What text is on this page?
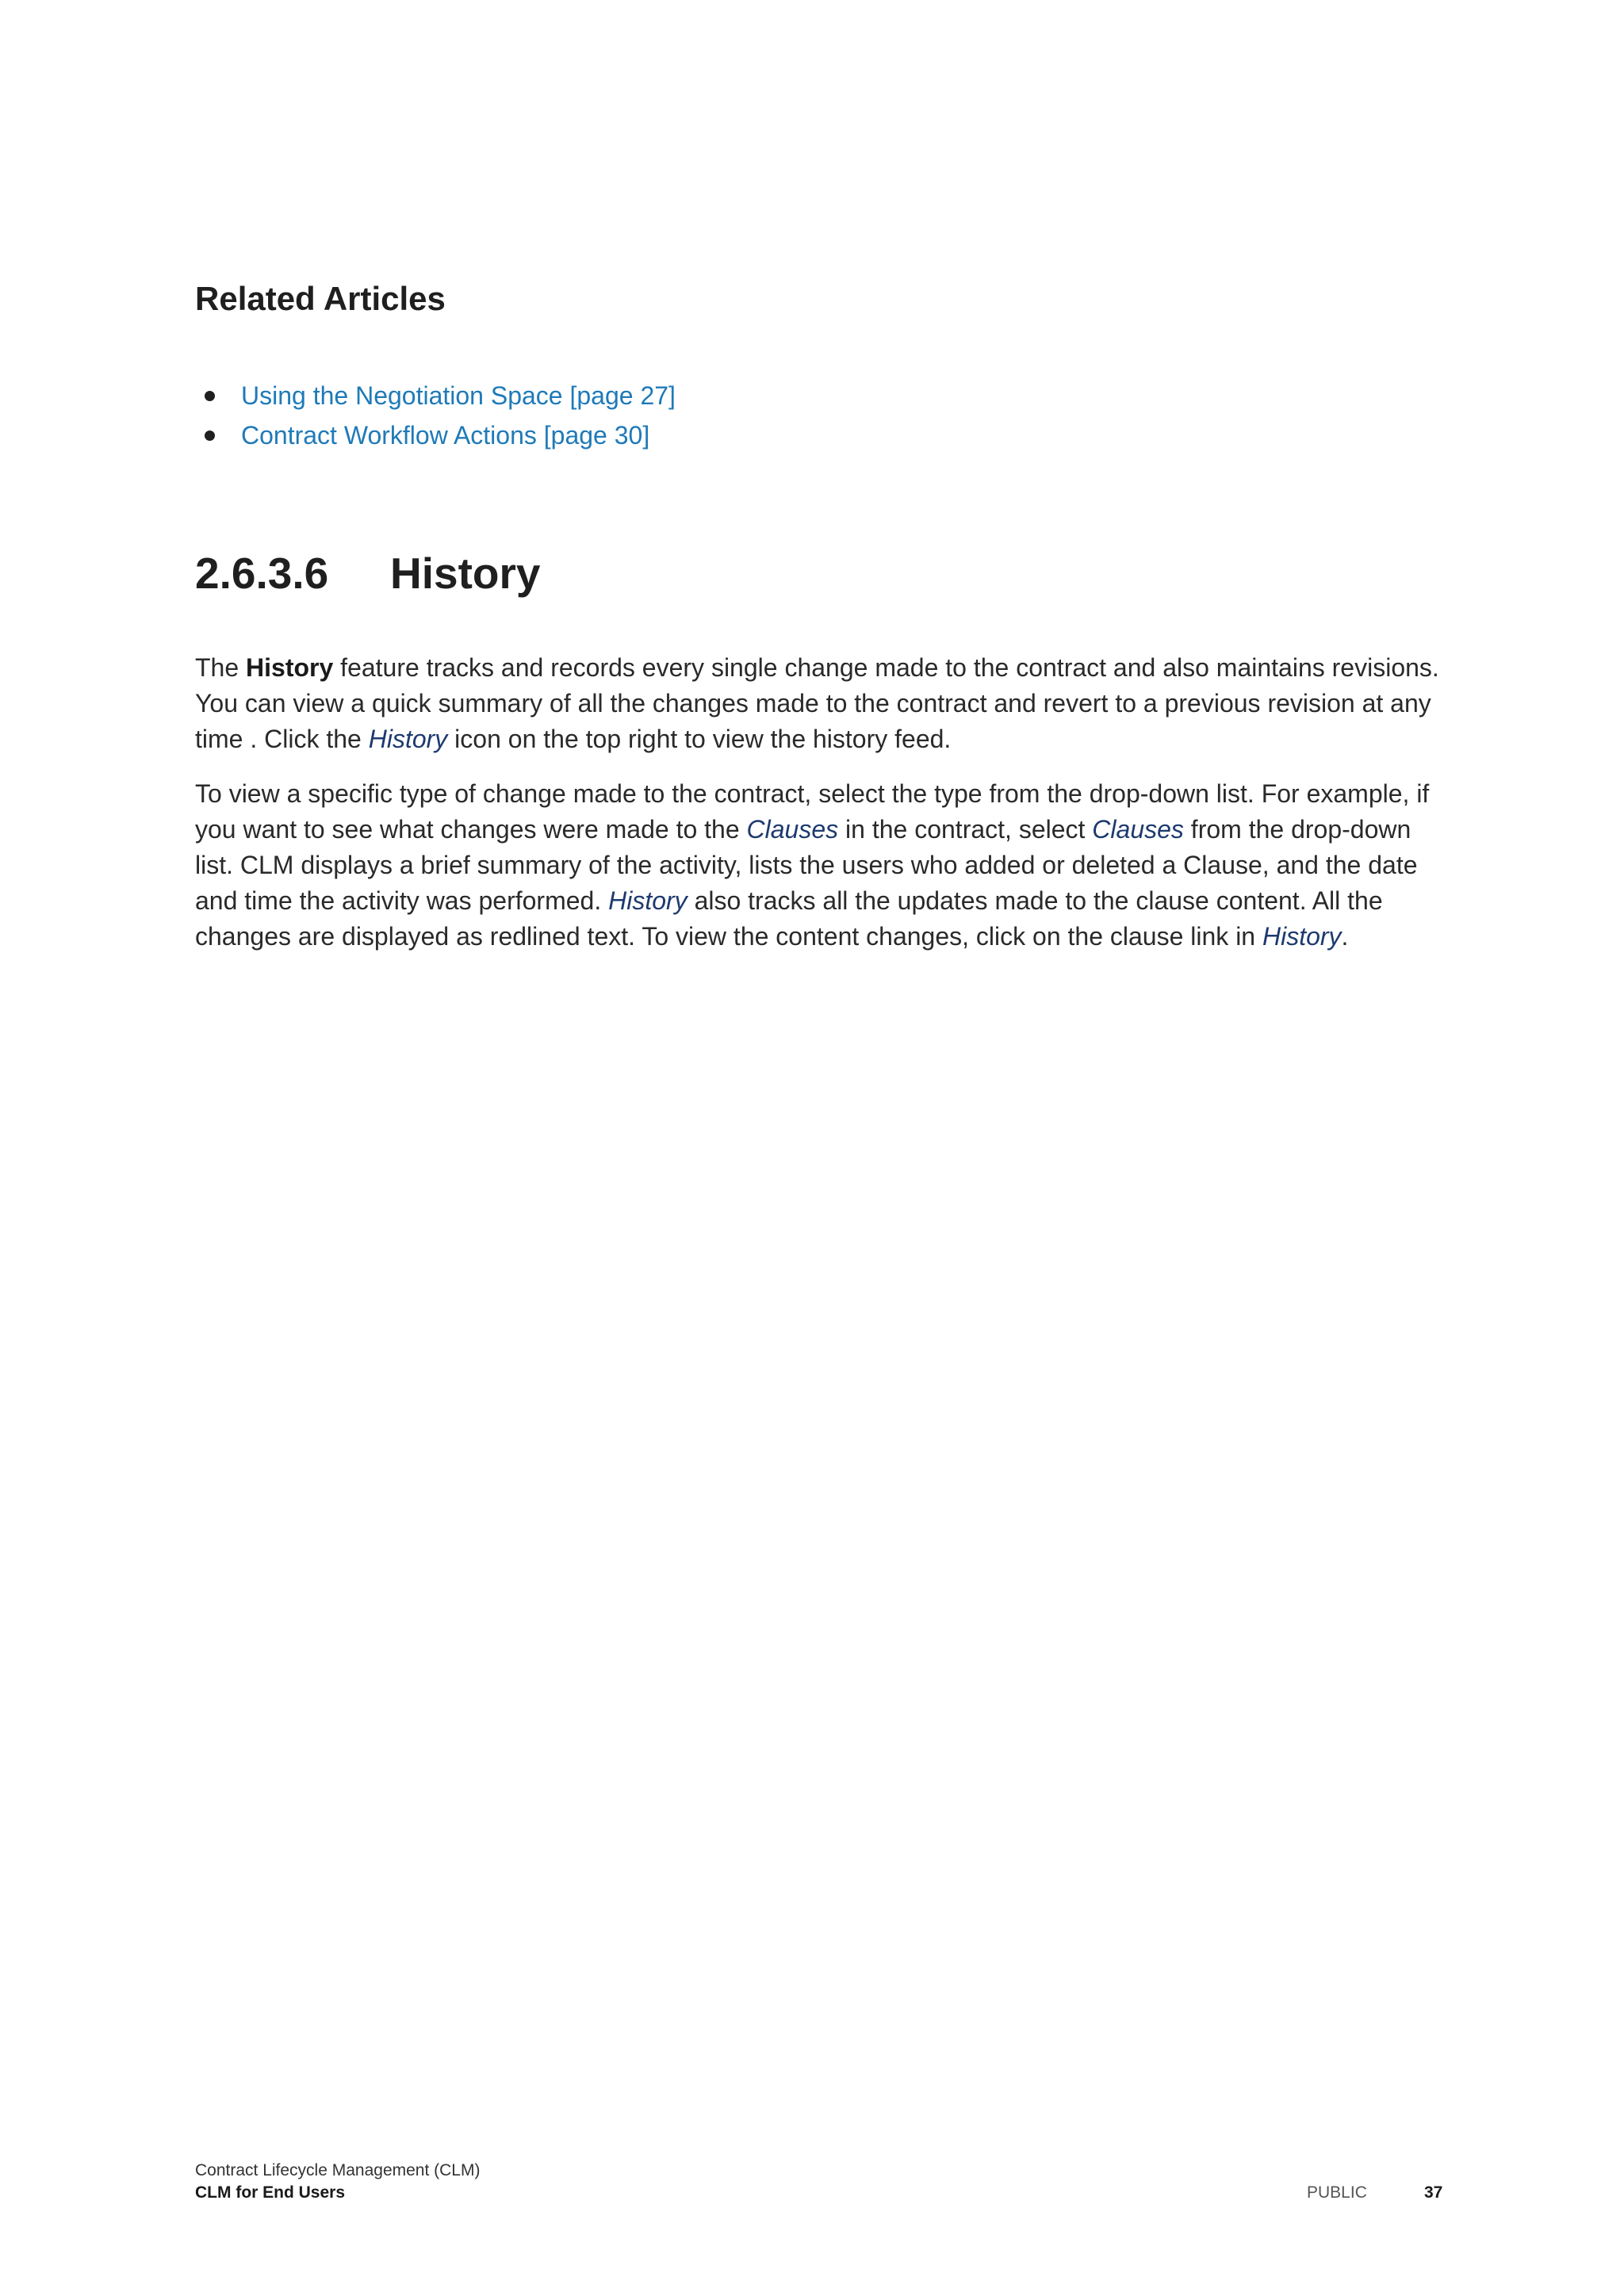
Related Articles
Using the Negotiation Space [page 27]
Contract Workflow Actions [page 30]
2.6.3.6 History

The History feature tracks and records every single change made to the contract and also maintains revisions. You can view a quick summary of all the changes made to the contract and revert to a previous revision at any time . Click the History icon on the top right to view the history feed.

To view a specific type of change made to the contract, select the type from the drop-down list. For example, if you want to see what changes were made to the Clauses in the contract, select Clauses from the drop-down list. CLM displays a brief summary of the activity, lists the users who added or deleted a Clause, and the date and time the activity was performed. History also tracks all the updates made to the clause content. All the changes are displayed as redlined text. To view the content changes, click on the clause link in History.

Contract Lifecycle Management (CLM)
CLM for End Users	PUBLIC	37
